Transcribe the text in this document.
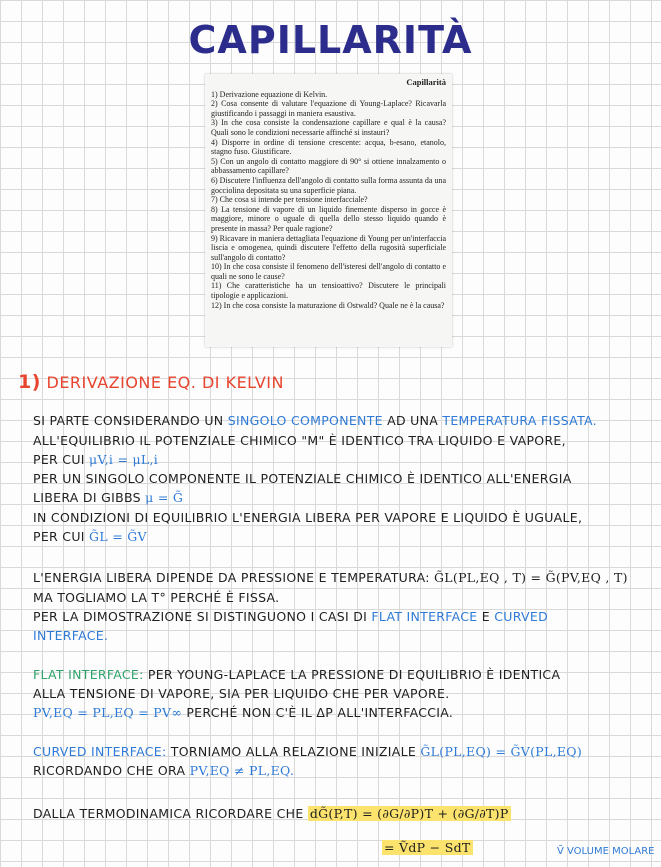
CAPILLARITÀ
Capillarità
1) Derivazione equazione di Kelvin.
2) Cosa consente di valutare l'equazione di Young-Laplace? Ricavarla giustificando i passaggi in maniera esaustiva.
3) In che cosa consiste la condensazione capillare e qual è la causa? Quali sono le condizioni necessarie affinché si instauri?
4) Disporre in ordine di tensione crescente: acqua, b-esano, etanolo, stagno fuso. Giustificare.
5) Con un angolo di contatto maggiore di 90° si ottiene innalzamento o abbassamento capillare?
6) Discutere l'influenza dell'angolo di contatto sulla forma assunta da una gocciolina depositata su una superficie piana.
7) Che cosa si intende per tensione interfacciale?
8) La tensione di vapore di un liquido finemente disperso in gocce è maggiore, minore o uguale di quella dello stesso liquido quando è presente in massa? Per quale ragione?
9) Ricavare in maniera dettagliata l'equazione di Young per un'interfaccia liscia e omogenea, quindi discutere l'effetto della rugosità superficiale sull'angolo di contatto?
10) In che cosa consiste il fenomeno dell'isteresi dell'angolo di contatto e quali ne sono le cause?
11) Che caratteristiche ha un tensioattivo? Discutere le principali tipologie e applicazioni.
12) In che cosa consiste la maturazione di Ostwald? Quale ne è la causa?
1) DERIVAZIONE EQ. DI KELVIN
SI PARTE CONSIDERANDO UN SINGOLO COMPONENTE AD UNA TEMPERATURA FISSATA.
ALL'EQUILIBRIO IL POTENZIALE CHIMICO "Μ" È IDENTICO TRA LIQUIDO E VAPORE,
PER CUI μV,i = μL,i
PER UN SINGOLO COMPONENTE IL POTENZIALE CHIMICO È IDENTICO ALL'ENERGIA
LIBERA DI GIBBS μ = G̃
IN CONDIZIONI DI EQUILIBRIO L'ENERGIA LIBERA PER VAPORE E LIQUIDO È UGUALE,
PER CUI G̃L = G̃V
L'ENERGIA LIBERA DIPENDE DA PRESSIONE E TEMPERATURA: G̃L(PL,EQ , T) = G̃(PV,EQ , T)
MA TOGLIAMO LA T° PERCHÉ È FISSA.
PER LA DIMOSTRAZIONE SI DISTINGUONO I CASI DI FLAT INTERFACE E CURVED
INTERFACE.
FLAT INTERFACE: PER YOUNG-LAPLACE LA PRESSIONE DI EQUILIBRIO È IDENTICA
ALLA TENSIONE DI VAPORE, SIA PER LIQUIDO CHE PER VAPORE.
PV,EQ = PL,EQ = PV∞ PERCHÉ NON C'È IL ΔP ALL'INTERFACCIA.
CURVED INTERFACE: TORNIAMO ALLA RELAZIONE INIZIALE G̃L(PL,EQ) = G̃V(PL,EQ)
RICORDANDO CHE ORA PV,EQ ≠ PL,EQ.
DALLA TERMODINAMICA RICORDARE CHE dG̃(P,T) = (∂G/∂P)T + (∂G/∂T)P
= ṼdP − SdT	Ṽ VOLUME MOLARE
